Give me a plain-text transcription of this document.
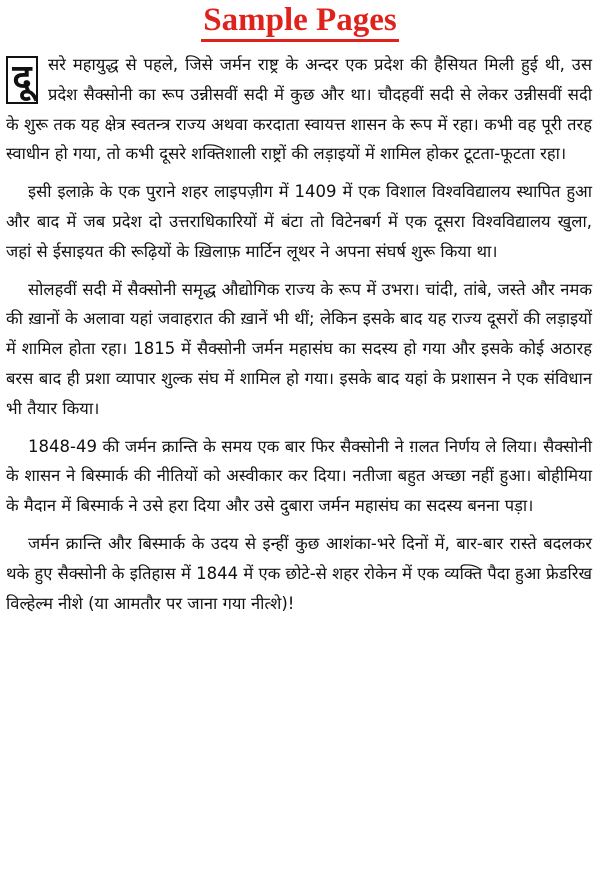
Sample Pages

दू सरे महायुद्ध से पहले, जिसे जर्मन राष्ट्र के अन्दर एक प्रदेश की हैसियत मिली हुई थी, उस प्रदेश सैक्सोनी का रूप उन्नीसवीं सदी में कुछ और था। चौदहवीं सदी से लेकर उन्नीसवीं सदी के शुरू तक यह क्षेत्र स्वतन्त्र राज्य अथवा करदाता स्वायत्त शासन के रूप में रहा। कभी वह पूरी तरह स्वाधीन हो गया, तो कभी दूसरे शक्तिशाली राष्ट्रों की लड़ाइयों में शामिल होकर टूटता-फूटता रहा।

इसी इलाक़े के एक पुराने शहर लाइपज़ीग में 1409 में एक विशाल विश्वविद्यालय स्थापित हुआ और बाद में जब प्रदेश दो उत्तराधिकारियों में बंटा तो विटेनबर्ग में एक दूसरा विश्वविद्यालय खुला, जहां से ईसाइयत की रूढ़ियों के ख़िलाफ़ मार्टिन लूथर ने अपना संघर्ष शुरू किया था।

सोलहवीं सदी में सैक्सोनी समृद्ध औद्योगिक राज्य के रूप में उभरा। चांदी, तांबे, जस्ते और नमक की ख़ानों के अलावा यहां जवाहरात की ख़ानें भी थीं; लेकिन इसके बाद यह राज्य दूसरों की लड़ाइयों में शामिल होता रहा। 1815 में सैक्सोनी जर्मन महासंघ का सदस्य हो गया और इसके कोई अठारह बरस बाद ही प्रशा व्यापार शुल्क संघ में शामिल हो गया। इसके बाद यहां के प्रशासन ने एक संविधान भी तैयार किया।

1848-49 की जर्मन क्रान्ति के समय एक बार फिर सैक्सोनी ने ग़लत निर्णय ले लिया। सैक्सोनी के शासन ने बिस्मार्क की नीतियों को अस्वीकार कर दिया। नतीजा बहुत अच्छा नहीं हुआ। बोहीमिया के मैदान में बिस्मार्क ने उसे हरा दिया और उसे दुबारा जर्मन महासंघ का सदस्य बनना पड़ा।

जर्मन क्रान्ति और बिस्मार्क के उदय से इन्हीं कुछ आशंका-भरे दिनों में, बार-बार रास्ते बदलकर थके हुए सैक्सोनी के इतिहास में 1844 में एक छोटे-से शहर रोकेन में एक व्यक्ति पैदा हुआ फ्रेडरिख विल्हेल्म नीशे (या आमतौर पर जाना गया नीत्शे)!
